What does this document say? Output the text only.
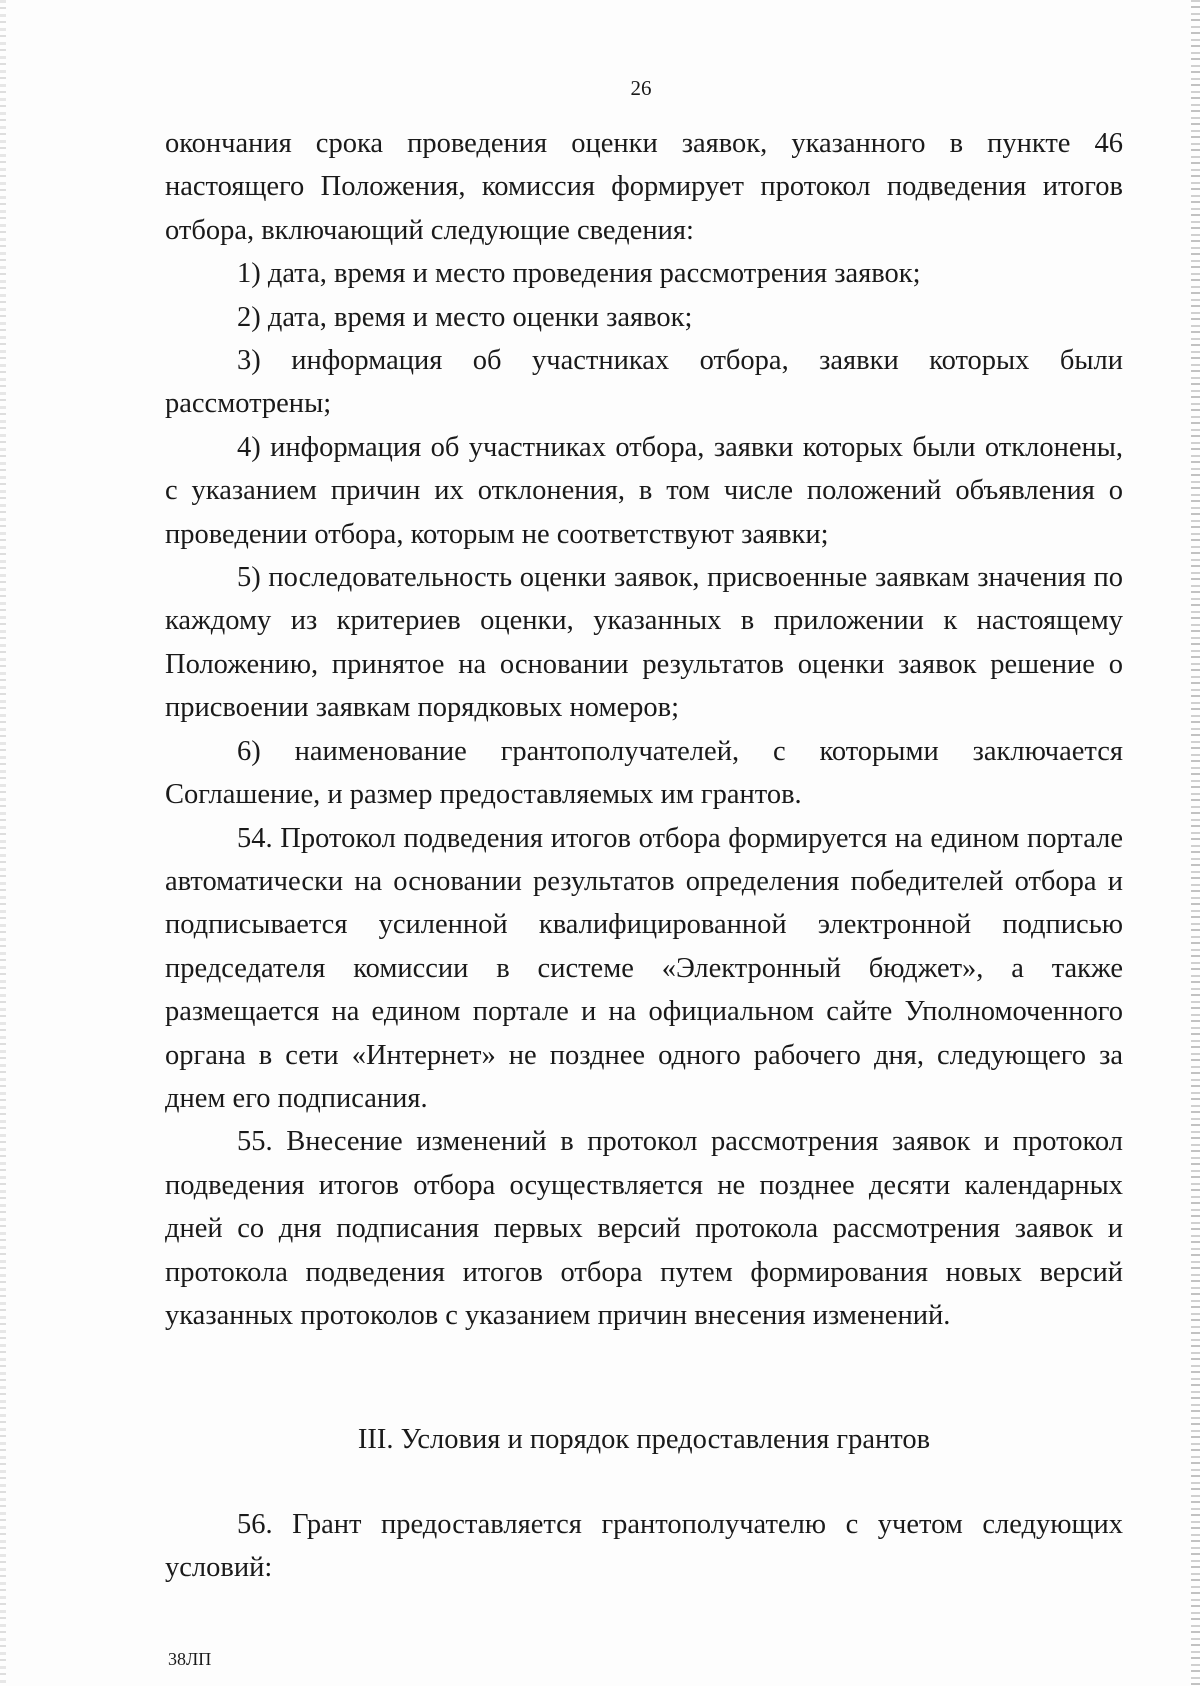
26

окончания срока проведения оценки заявок, указанного в пункте 46 настоящего Положения, комиссия формирует протокол подведения итогов отбора, включающий следующие сведения:

1) дата, время и место проведения рассмотрения заявок;

2) дата, время и место оценки заявок;

3) информация об участниках отбора, заявки которых были рассмотрены;

4) информация об участниках отбора, заявки которых были отклонены, с указанием причин их отклонения, в том числе положений объявления о проведении отбора, которым не соответствуют заявки;

5) последовательность оценки заявок, присвоенные заявкам значения по каждому из критериев оценки, указанных в приложении к настоящему Положению, принятое на основании результатов оценки заявок решение о присвоении заявкам порядковых номеров;

6) наименование грантополучателей, с которыми заключается Соглашение, и размер предоставляемых им грантов.

54. Протокол подведения итогов отбора формируется на едином портале автоматически на основании результатов определения победителей отбора и подписывается усиленной квалифицированной электронной подписью председателя комиссии в системе «Электронный бюджет», а также размещается на едином портале и на официальном сайте Уполномоченного органа в сети «Интернет» не позднее одного рабочего дня, следующего за днем его подписания.

55. Внесение изменений в протокол рассмотрения заявок и протокол подведения итогов отбора осуществляется не позднее десяти календарных дней со дня подписания первых версий протокола рассмотрения заявок и протокола подведения итогов отбора путем формирования новых версий указанных протоколов с указанием причин внесения изменений.

III. Условия и порядок предоставления грантов

56. Грант предоставляется грантополучателю с учетом следующих условий:

38ЛП
